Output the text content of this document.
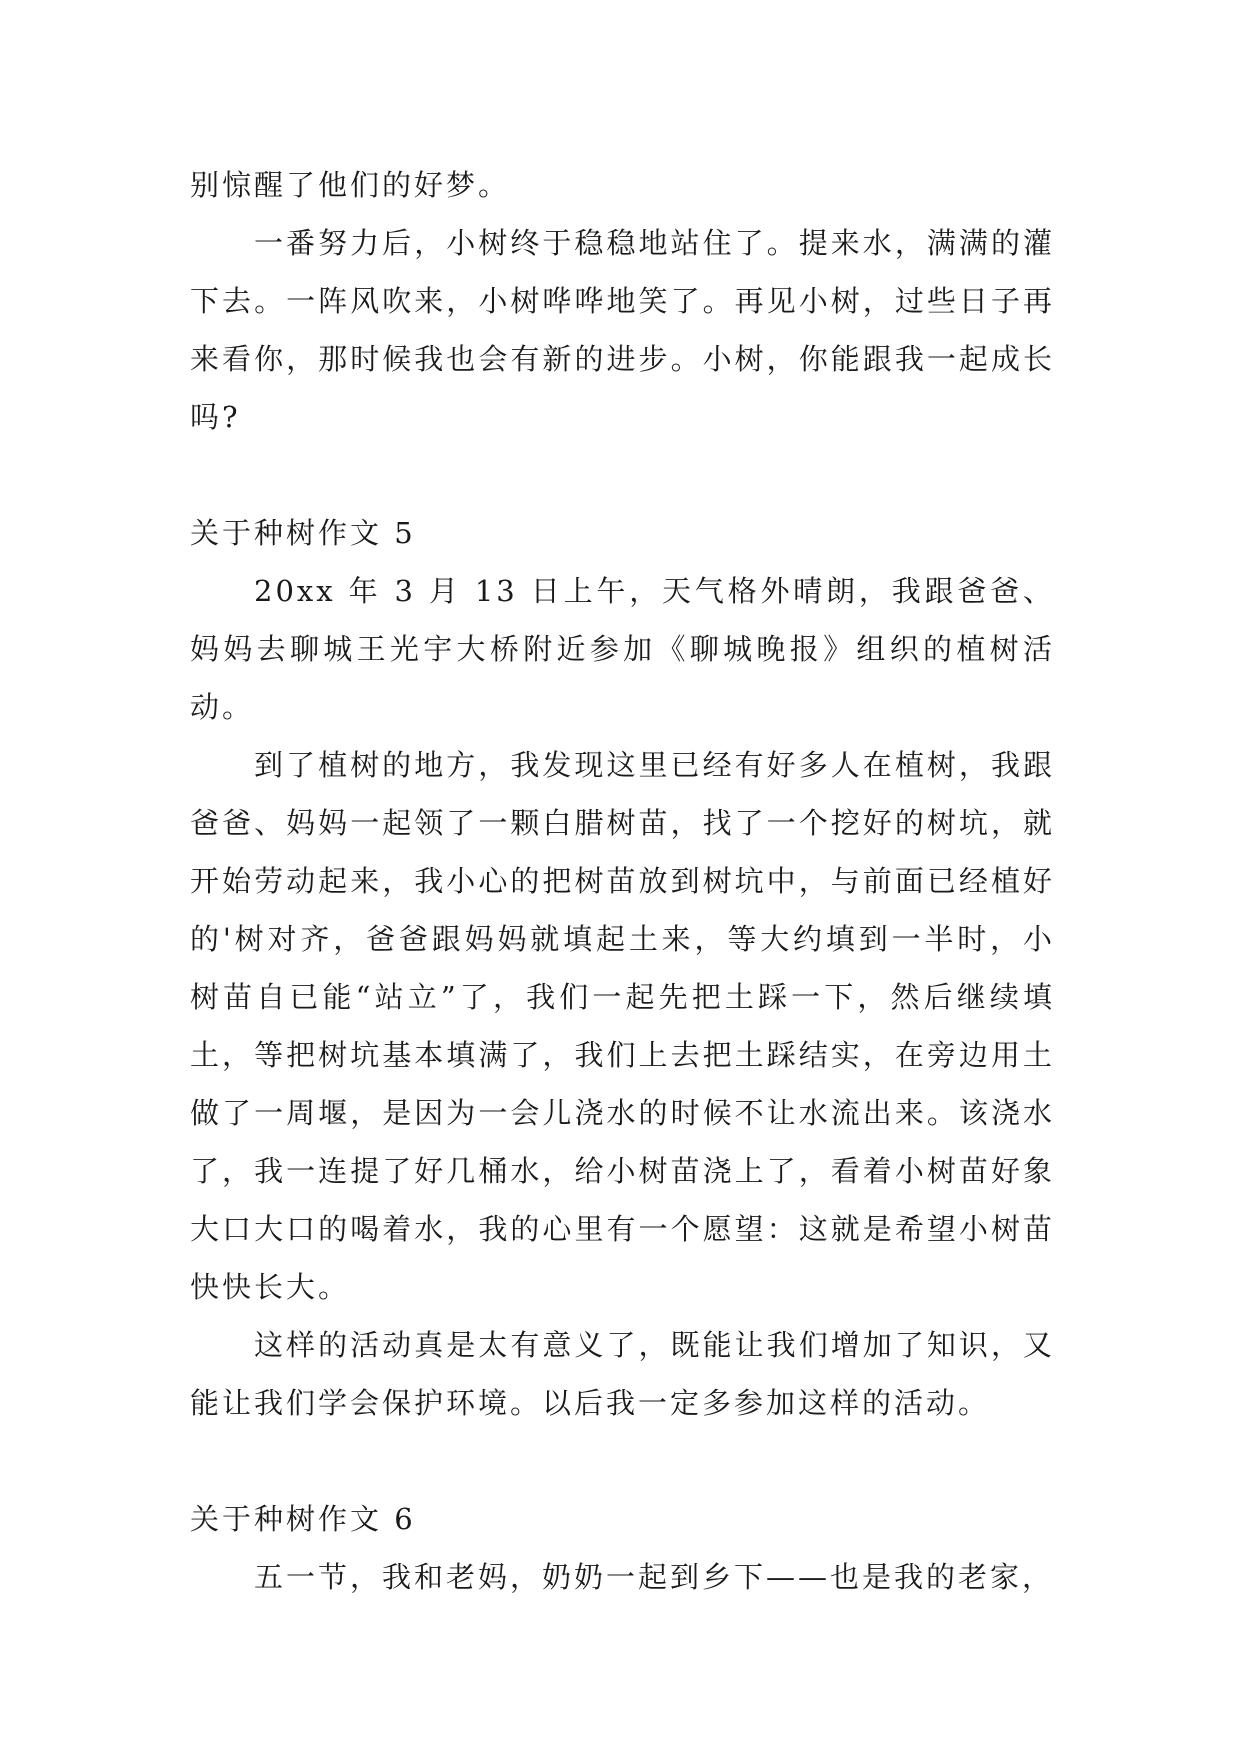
别惊醒了他们的好梦。

一番努力后，小树终于稳稳地站住了。提来水，满满的灌下去。一阵风吹来，小树哗哗地笑了。再见小树，过些日子再来看你，那时候我也会有新的进步。小树，你能跟我一起成长吗?

关于种树作文 5

20xx 年 3 月 13 日上午，天气格外晴朗，我跟爸爸、妈妈去聊城王光宇大桥附近参加《聊城晚报》组织的植树活动。

到了植树的地方，我发现这里已经有好多人在植树，我跟爸爸、妈妈一起领了一颗白腊树苗，找了一个挖好的树坑，就开始劳动起来，我小心的把树苗放到树坑中，与前面已经植好的'树对齐，爸爸跟妈妈就填起土来，等大约填到一半时，小树苗自已能“站立”了，我们一起先把土踩一下，然后继续填土，等把树坑基本填满了，我们上去把土踩结实，在旁边用土做了一周堰，是因为一会儿浇水的时候不让水流出来。该浇水了，我一连提了好几桶水，给小树苗浇上了，看着小树苗好象大口大口的喝着水，我的心里有一个愿望：这就是希望小树苗快快长大。

这样的活动真是太有意义了，既能让我们增加了知识，又能让我们学会保护环境。以后我一定多参加这样的活动。

关于种树作文 6

五一节，我和老妈，奶奶一起到乡下——也是我的老家，
